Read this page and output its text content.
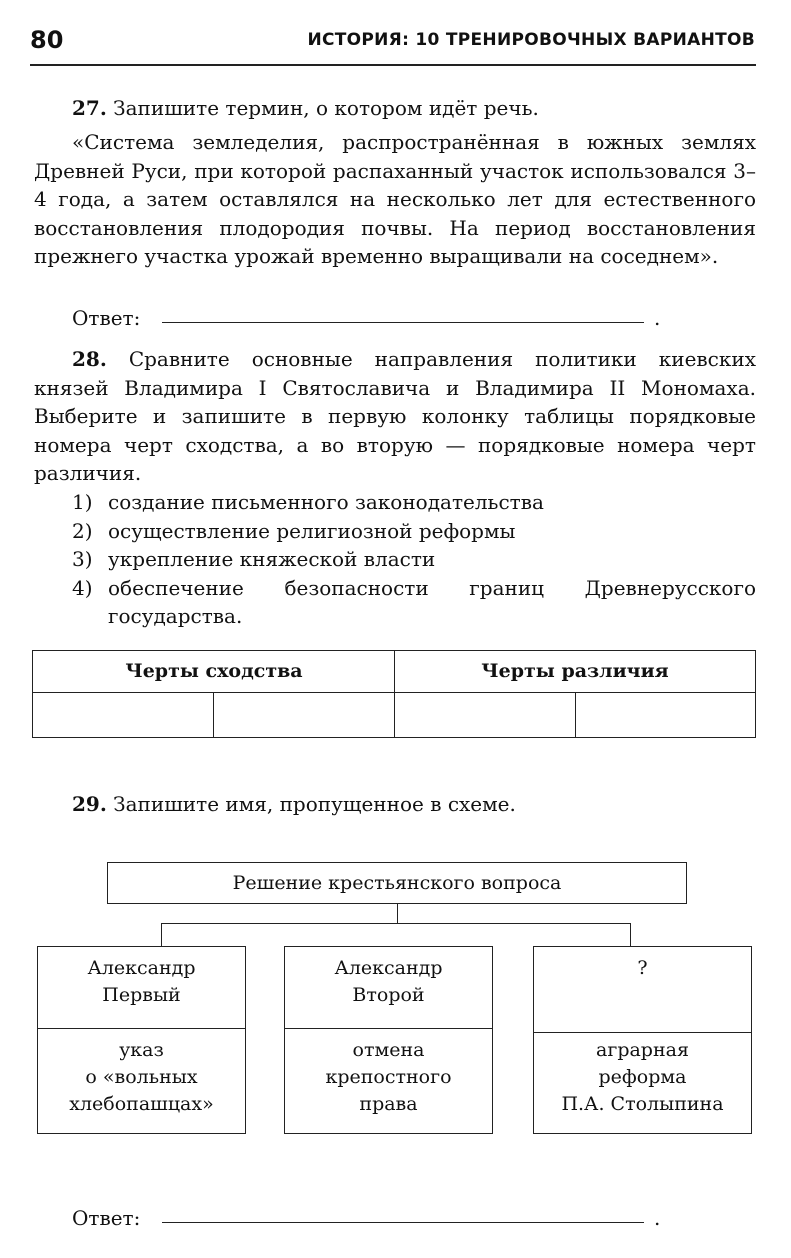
80	ИСТОРИЯ: 10 ТРЕНИРОВОЧНЫХ ВАРИАНТОВ
27. Запишите термин, о котором идёт речь.
«Система земледелия, распространённая в южных землях Древней Руси, при которой распаханный участок использовался 3–4 года, а затем оставлялся на несколько лет для естественного восстановления плодородия почвы. На период восстановления прежнего участка урожай временно выращивали на соседнем».
Ответ:	.
28. Сравните основные направления политики киевских князей Владимира I Святославича и Владимира II Мономаха. Выберите и запишите в первую колонку таблицы порядковые номера черт сходства, а во вторую — порядковые номера черт различия.
1) создание письменного законодательства
2) осуществление религиозной реформы
3) укрепление княжеской власти
4) обеспечение безопасности границ Древнерусского государства.
Черты сходства	Черты различия
29. Запишите имя, пропущенное в схеме.
Решение крестьянского вопроса
Александр
Первый
указ
о «вольных
хлебопашцах»
Александр
Второй
отмена
крепостного
права
?
аграрная
реформа
П.А. Столыпина
Ответ:	.
